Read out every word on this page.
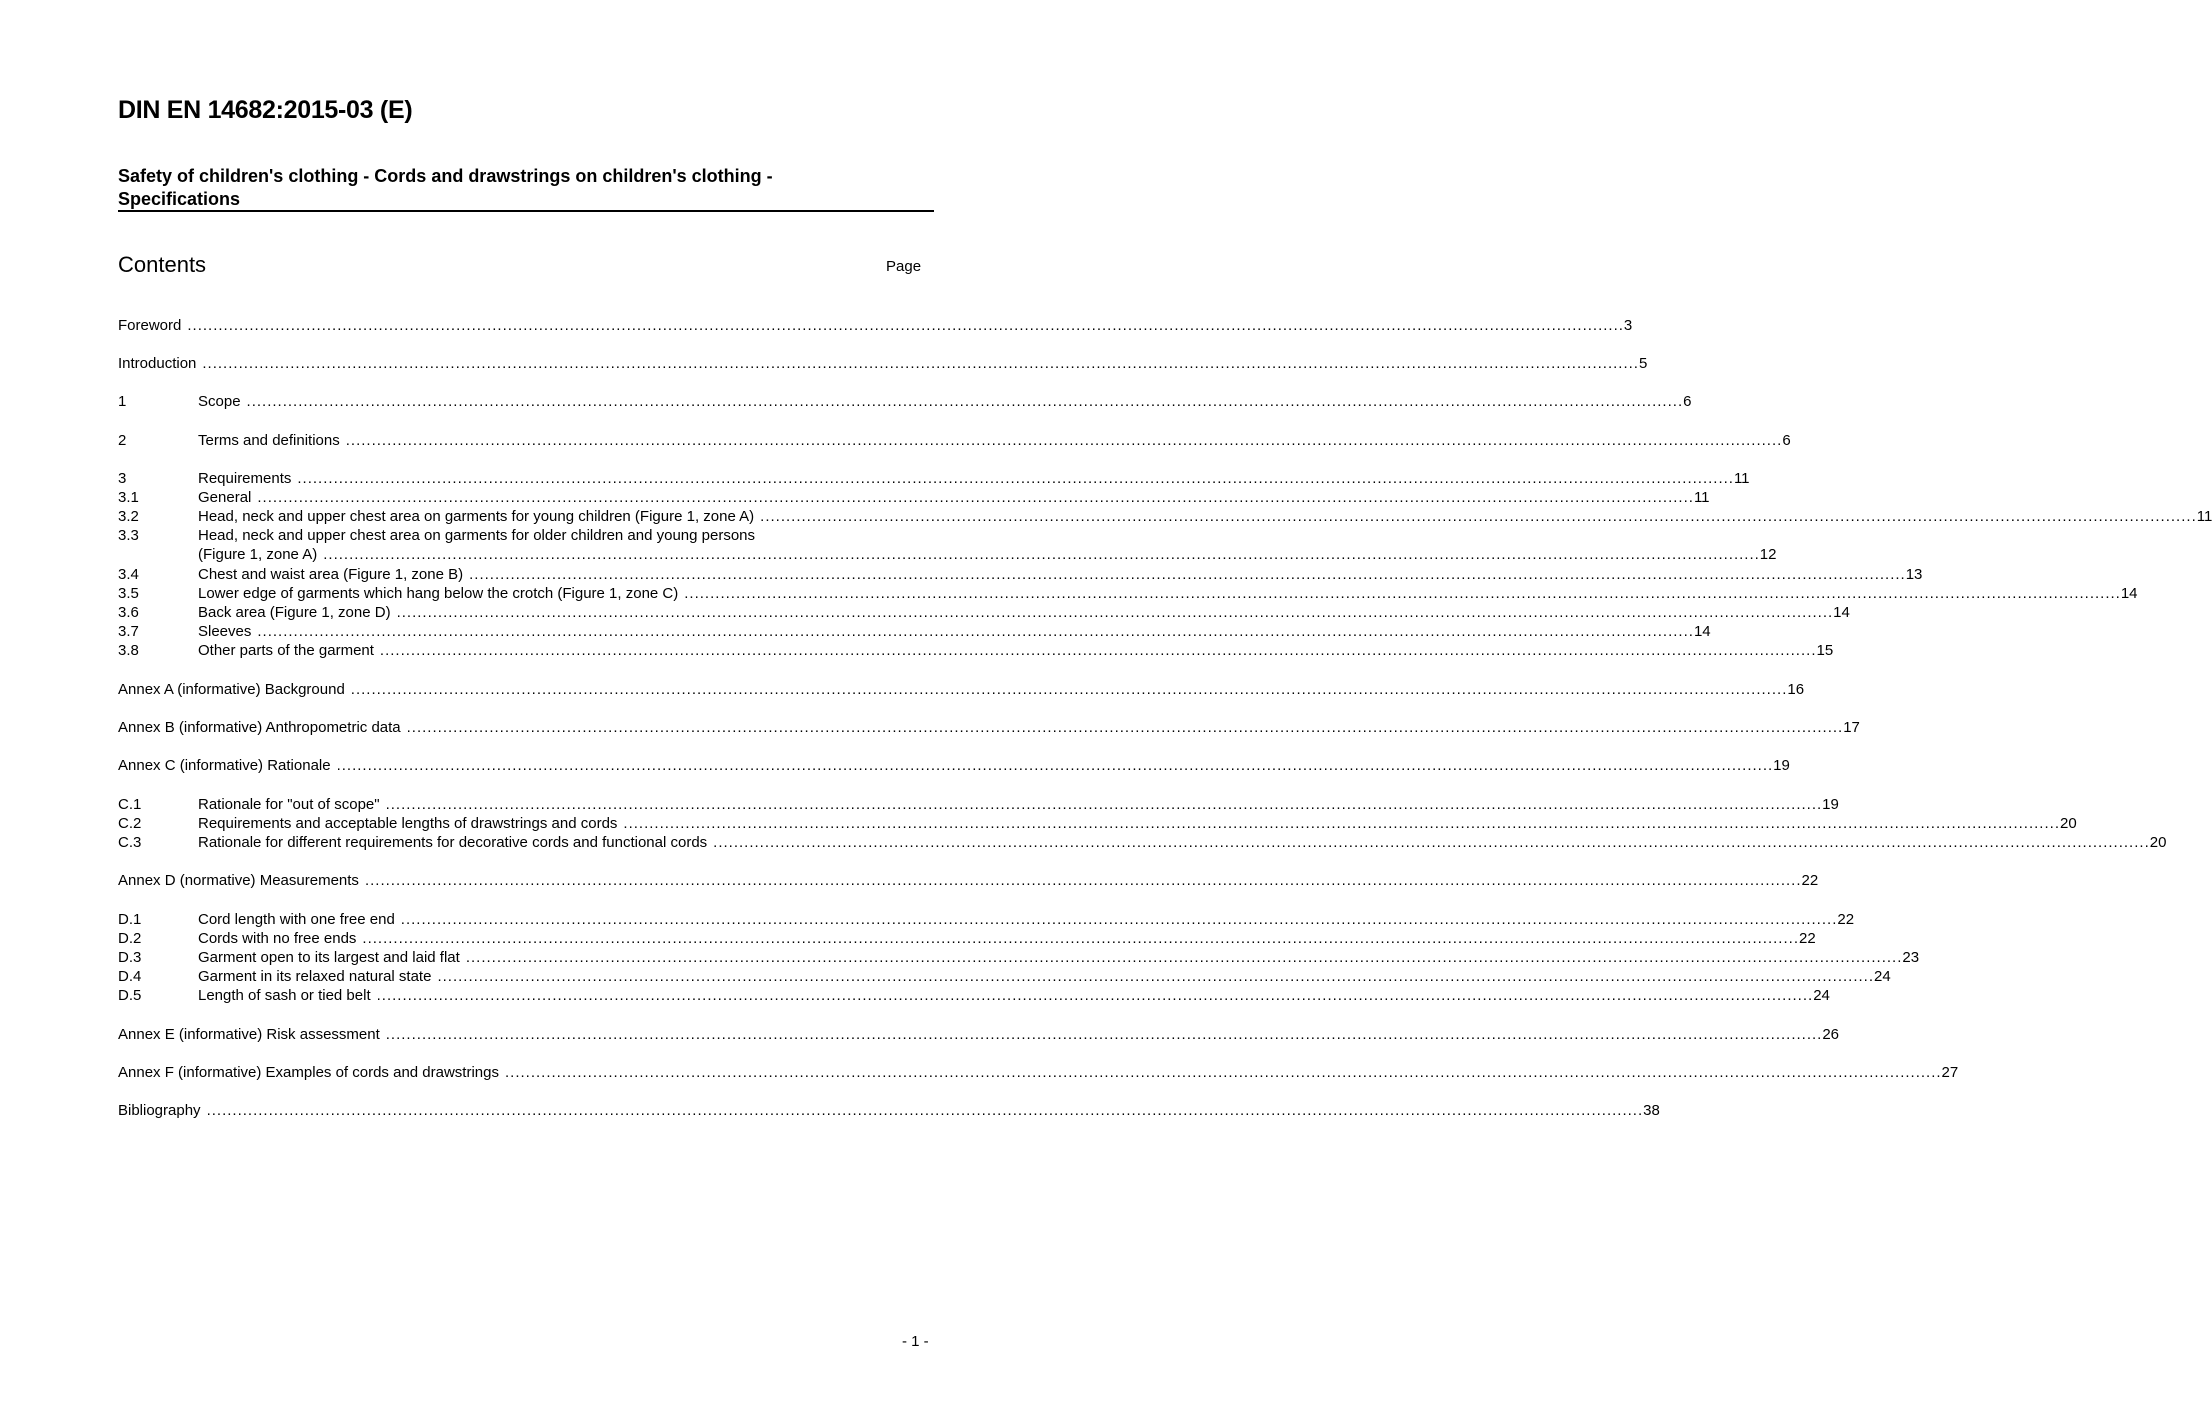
DIN EN 14682:2015-03 (E)
Safety of children's clothing - Cords and drawstrings on children's clothing - Specifications
Contents	Page
Foreword ...................................................................................................................................................................................................................................................................................... 3
Introduction ...................................................................................................................................................................................................................................................................................... 5
1	Scope ...................................................................................................................................................................................................................................................................................... 6
2	Terms and definitions ...................................................................................................................................................................................................................................................................................... 6
3	Requirements ...................................................................................................................................................................................................................................................................................... 11
3.1	General ...................................................................................................................................................................................................................................................................................... 11
3.2	Head, neck and upper chest area on garments for young children (Figure 1, zone A) ...................................................................................................................................................................................................................................................................................... 11
3.3	Head, neck and upper chest area on garments for older children and young persons
(Figure 1, zone A) ...................................................................................................................................................................................................................................................................................... 12
3.4	Chest and waist area (Figure 1, zone B) ...................................................................................................................................................................................................................................................................................... 13
3.5	Lower edge of garments which hang below the crotch (Figure 1, zone C) ...................................................................................................................................................................................................................................................................................... 14
3.6	Back area (Figure 1, zone D) ...................................................................................................................................................................................................................................................................................... 14
3.7	Sleeves ...................................................................................................................................................................................................................................................................................... 14
3.8	Other parts of the garment ...................................................................................................................................................................................................................................................................................... 15
Annex A (informative) Background ...................................................................................................................................................................................................................................................................................... 16
Annex B (informative) Anthropometric data ...................................................................................................................................................................................................................................................................................... 17
Annex C (informative) Rationale ...................................................................................................................................................................................................................................................................................... 19
C.1	Rationale for "out of scope" ...................................................................................................................................................................................................................................................................................... 19
C.2	Requirements and acceptable lengths of drawstrings and cords ...................................................................................................................................................................................................................................................................................... 20
C.3	Rationale for different requirements for decorative cords and functional cords ...................................................................................................................................................................................................................................................................................... 20
Annex D (normative) Measurements ...................................................................................................................................................................................................................................................................................... 22
D.1	Cord length with one free end ...................................................................................................................................................................................................................................................................................... 22
D.2	Cords with no free ends ...................................................................................................................................................................................................................................................................................... 22
D.3	Garment open to its largest and laid flat ...................................................................................................................................................................................................................................................................................... 23
D.4	Garment in its relaxed natural state ...................................................................................................................................................................................................................................................................................... 24
D.5	Length of sash or tied belt ...................................................................................................................................................................................................................................................................................... 24
Annex E (informative) Risk assessment ...................................................................................................................................................................................................................................................................................... 26
Annex F (informative) Examples of cords and drawstrings ...................................................................................................................................................................................................................................................................................... 27
Bibliography ...................................................................................................................................................................................................................................................................................... 38
- 1 -
